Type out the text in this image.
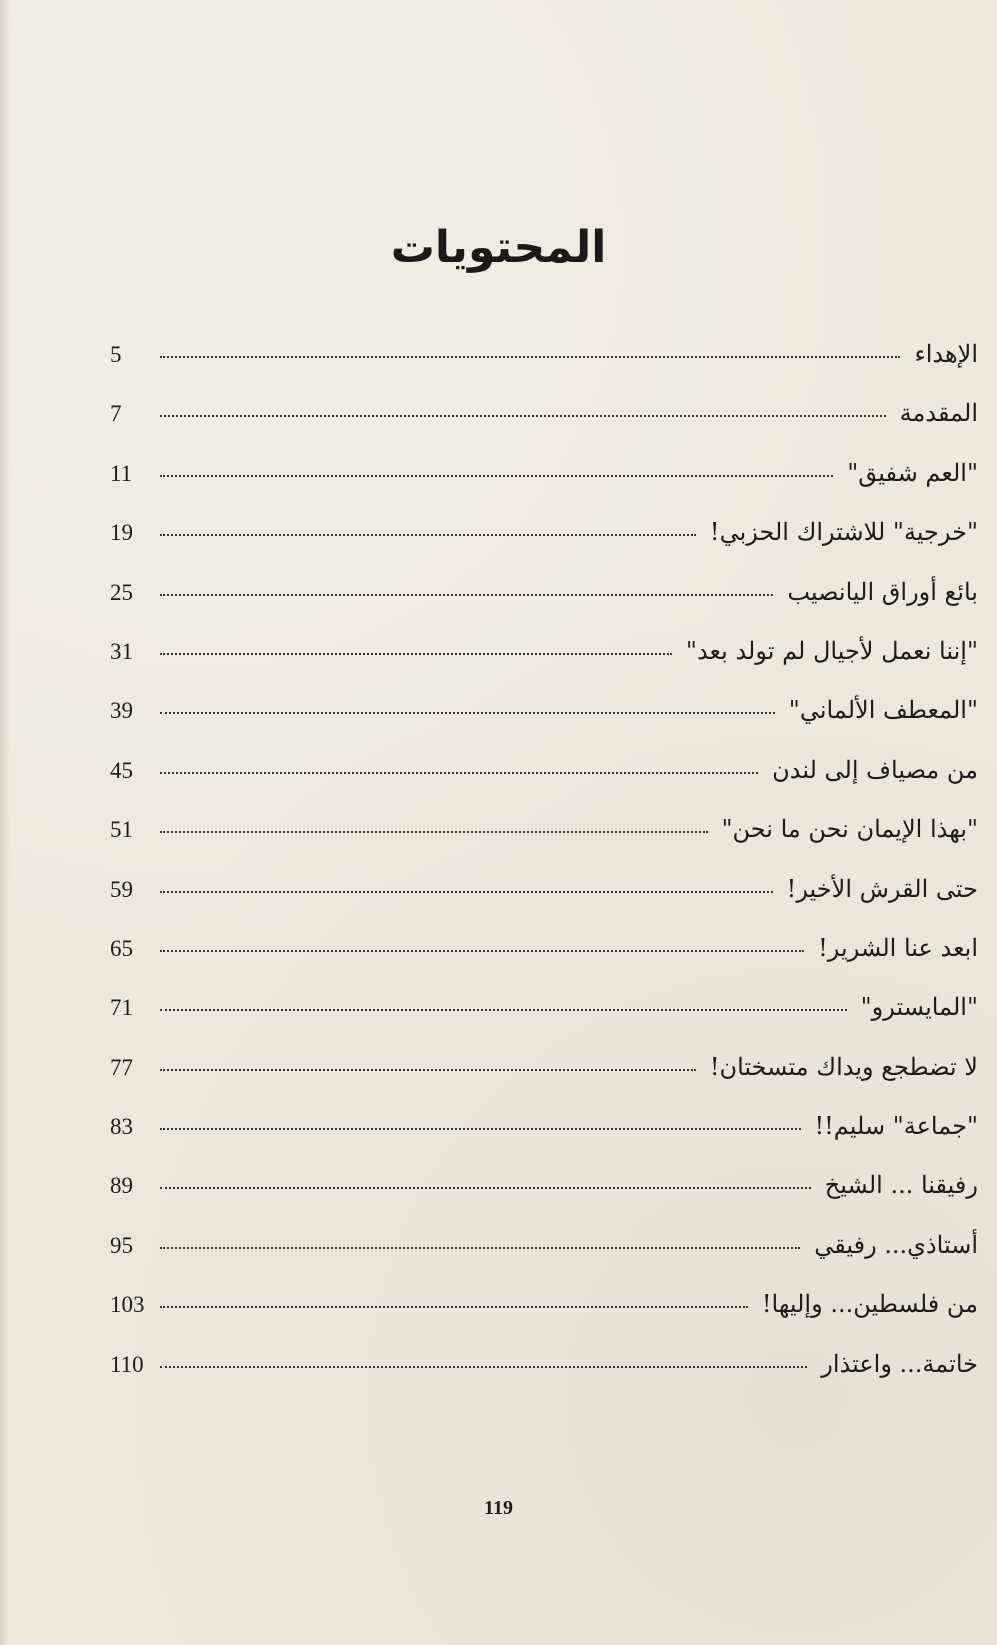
المحتويات
الإهداء
5
المقدمة
7
"العم شفيق"
11
"خرجية" للاشتراك الحزبي!
19
بائع أوراق اليانصيب
25
"إننا نعمل لأجيال لم تولد بعد"
31
"المعطف الألماني"
39
من مصياف إلى لندن
45
"بهذا الإيمان نحن ما نحن"
51
حتى القرش الأخير!
59
ابعد عنا الشرير!
65
"المايسترو"
71
لا تضطجع ويداك متسختان!
77
"جماعة" سليم!!
83
رفيقنا ... الشيخ
89
أستاذي... رفيقي
95
من فلسطين... وإليها!
103
خاتمة... واعتذار
110
119
